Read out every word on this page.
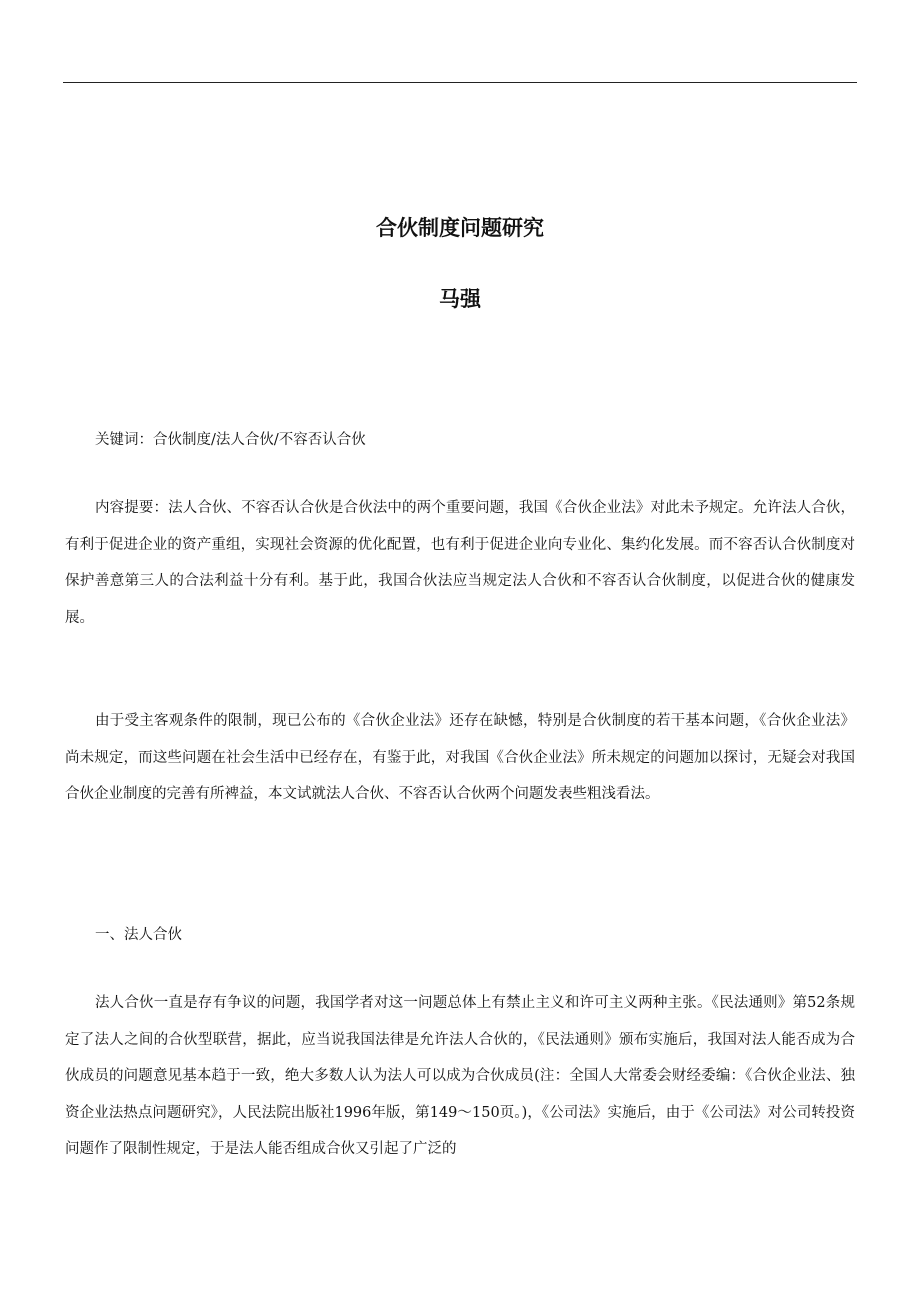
合伙制度问题研究
马强

关键词：合伙制度/法人合伙/不容否认合伙

内容提要：法人合伙、不容否认合伙是合伙法中的两个重要问题，我国《合伙企业法》对此未予规定。允许法人合伙，有利于促进企业的资产重组，实现社会资源的优化配置，也有利于促进企业向专业化、集约化发展。而不容否认合伙制度对保护善意第三人的合法利益十分有利。基于此，我国合伙法应当规定法人合伙和不容否认合伙制度，以促进合伙的健康发展。

由于受主客观条件的限制，现已公布的《合伙企业法》还存在缺憾，特别是合伙制度的若干基本问题，《合伙企业法》尚未规定，而这些问题在社会生活中已经存在，有鉴于此，对我国《合伙企业法》所未规定的问题加以探讨，无疑会对我国合伙企业制度的完善有所裨益，本文试就法人合伙、不容否认合伙两个问题发表些粗浅看法。

一、法人合伙

法人合伙一直是存有争议的问题，我国学者对这一问题总体上有禁止主义和许可主义两种主张。《民法通则》第52条规定了法人之间的合伙型联营，据此，应当说我国法律是允许法人合伙的，《民法通则》颁布实施后，我国对法人能否成为合伙成员的问题意见基本趋于一致，绝大多数人认为法人可以成为合伙成员(注：全国人大常委会财经委编：《合伙企业法、独资企业法热点问题研究》，人民法院出版社1996年版，第149～150页。)，《公司法》实施后，由于《公司法》对公司转投资问题作了限制性规定，于是法人能否组成合伙又引起了广泛的
